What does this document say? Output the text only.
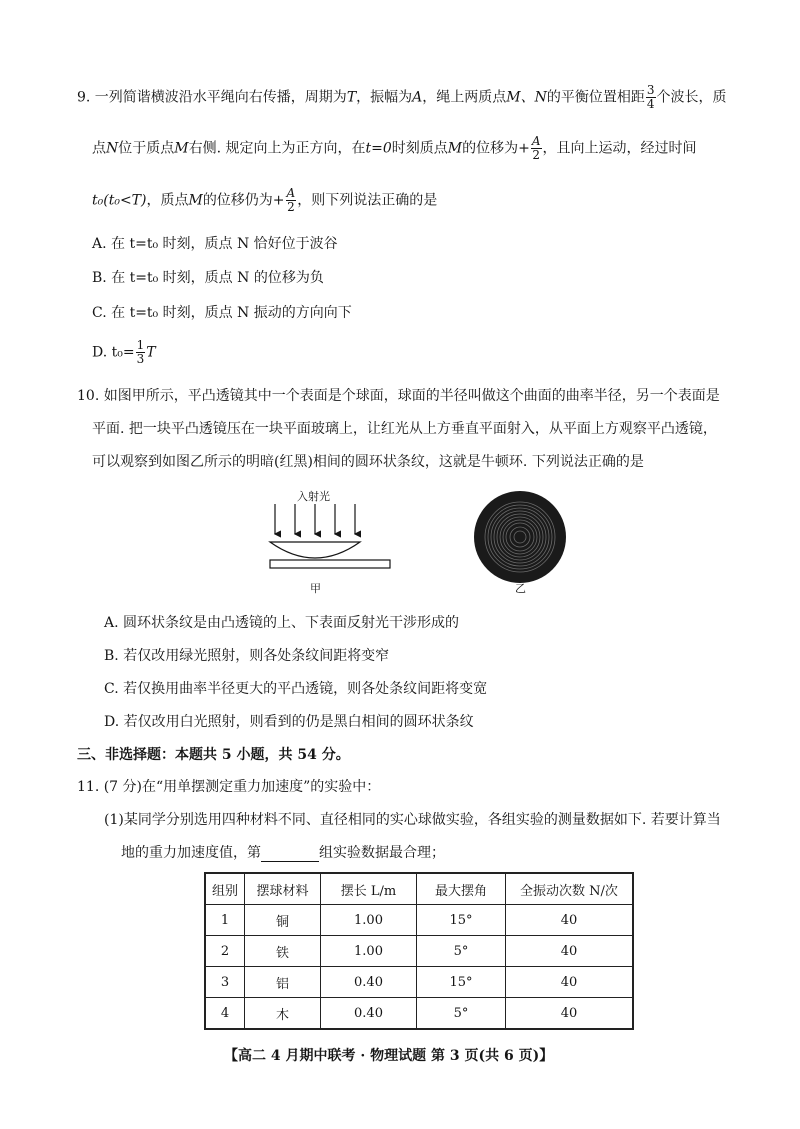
9. 一列简谐横波沿水平绳向右传播，周期为T，振幅为A，绳上两质点M、N的平衡位置相距 $\frac{3}{4}$ 个波长，质
点N位于质点M右侧. 规定向上为正方向，在t=0时刻质点M的位移为+ $\frac{A}{2}$ ，且向上运动，经过时间
t₀(t₀<T)，质点M的位移仍为+ $\frac{A}{2}$ ，则下列说法正确的是
A. 在 t=t₀ 时刻，质点 N 恰好位于波谷
B. 在 t=t₀ 时刻，质点 N 的位移为负
C. 在 t=t₀ 时刻，质点 N 振动的方向向下
D. $t_0= \frac{1}{3}$ T
10. 如图甲所示，平凸透镜其中一个表面是个球面，球面的半径叫做这个曲面的曲率半径，另一个表面是
平面. 把一块平凸透镜压在一块平面玻璃上，让红光从上方垂直平面射入，从平面上方观察平凸透镜，
可以观察到如图乙所示的明暗(红黑)相间的圆环状条纹，这就是牛顿环. 下列说法正确的是
入射光
甲	乙
A. 圆环状条纹是由凸透镜的上、下表面反射光干涉形成的
B. 若仅改用绿光照射，则各处条纹间距将变窄
C. 若仅换用曲率半径更大的平凸透镜，则各处条纹间距将变宽
D. 若仅改用白光照射，则看到的仍是黑白相间的圆环状条纹
三、非选择题：本题共 5 小题，共 54 分。
11. (7 分)在“用单摆测定重力加速度”的实验中：
(1)某同学分别选用四种材料不同、直径相同的实心球做实验，各组实验的测量数据如下. 若要计算当
地的重力加速度值，第	组实验数据最合理；
组别	摆球材料	摆长 L/m	最大摆角	全振动次数 N/次
1	铜	1.00	15°	40
2	铁	1.00	5°	40
3	铝	0.40	15°	40
4	木	0.40	5°	40
【高二 4 月期中联考 · 物理试题 第 3 页(共 6 页)】
